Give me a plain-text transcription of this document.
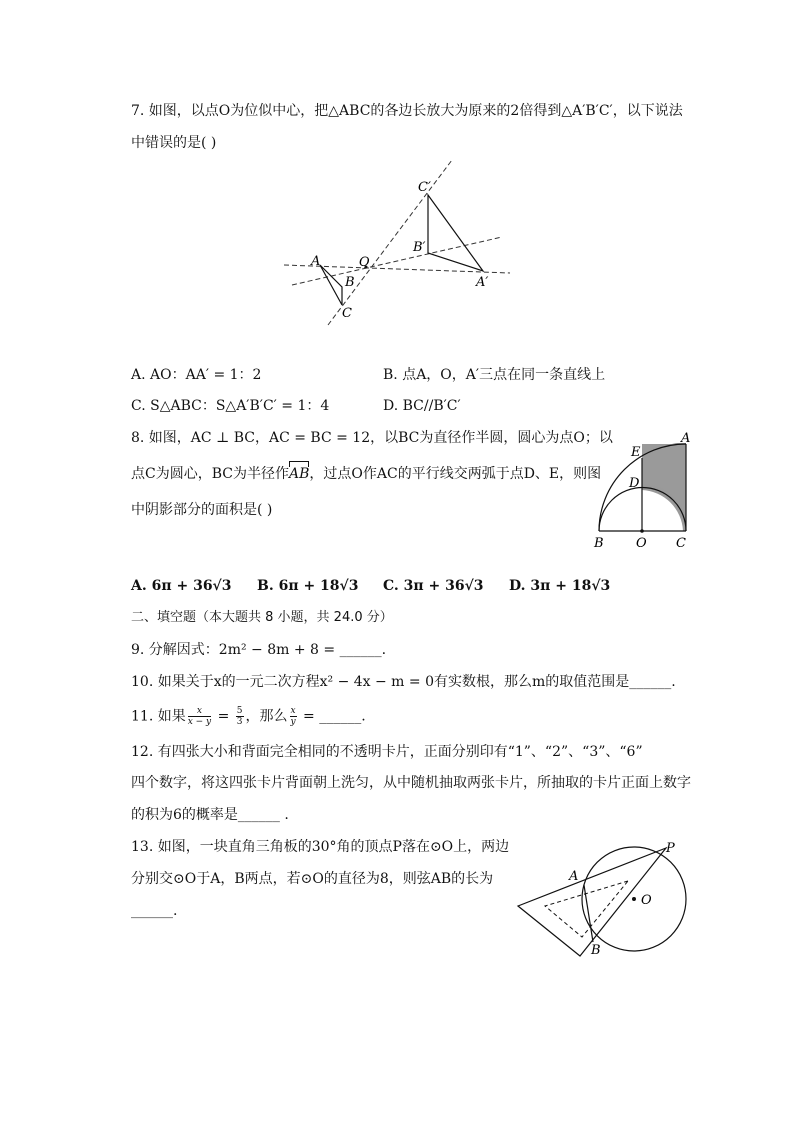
7. 如图，以点O为位似中心，把△ABC的各边长放大为原来的2倍得到△A′B′C′，以下说法
中错误的是( )
C′
B′
A′
O
A
B
C
A. AO：AA′ = 1：2	B. 点A，O，A′三点在同一条直线上
C. S△ABC：S△A′B′C′ = 1：4	D. BC//B′C′
8. 如图，AC ⊥ BC，AC = BC = 12，以BC为直径作半圆，圆心为点O；以
点C为圆心，BC为半径作AB，过点O作AC的平行线交两弧于点D、E，则图
中阴影部分的面积是( )
A
E
D
B O C
A. 6π + 36√3 B. 6π + 18√3 C. 3π + 36√3 D. 3π + 18√3
二、填空题（本大题共 8 小题，共 24.0 分）
9. 分解因式：2m² − 8m + 8 = ______.
10. 如果关于x的一元二次方程x² − 4x − m = 0有实数根，那么m的取值范围是______.
11. 如果 $\frac{x}{x - y} = \frac{5}{3}$ ，那么 $\frac{x}{y}$ = ______.
12. 有四张大小和背面完全相同的不透明卡片，正面分别印有“1”、“2”、“3”、“6”
四个数字，将这四张卡片背面朝上洗匀，从中随机抽取两张卡片，所抽取的卡片正面上数字
的积为6的概率是______ .
13. 如图，一块直角三角板的30°角的顶点P落在⊙O上，两边
分别交⊙O于A，B两点，若⊙O的直径为8，则弦AB的长为
______.
P
A
O
B
